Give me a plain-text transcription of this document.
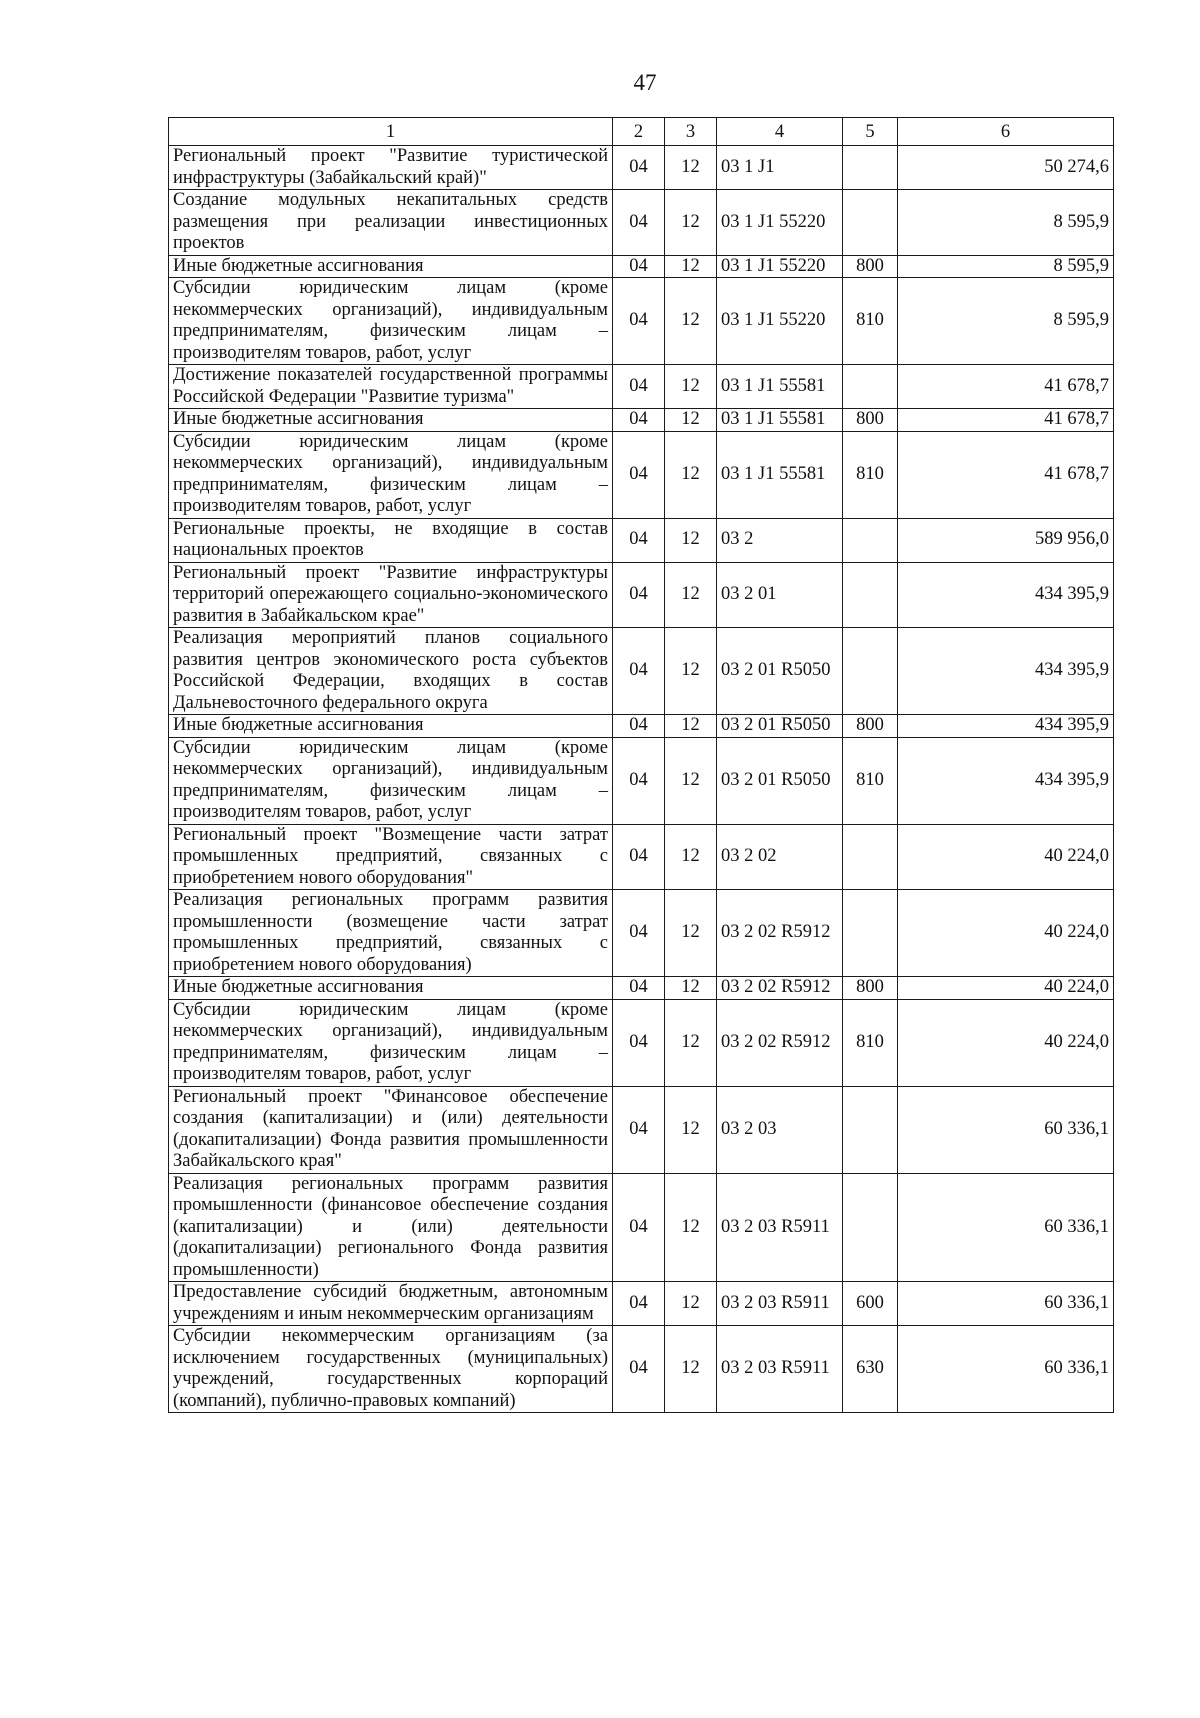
47
1	2	3	4	5	6
Региональный проект "Развитие туристической инфраструктуры (Забайкальский край)"	04	12	03 1 J1		50 274,6
Создание модульных некапитальных средств размещения при реализации инвестиционных проектов	04	12	03 1 J1 55220		8 595,9
Иные бюджетные ассигнования	04	12	03 1 J1 55220	800	8 595,9
Субсидии юридическим лицам (кроме некоммерческих организаций), индивидуальным предпринимателям, физическим лицам – производителям товаров, работ, услуг	04	12	03 1 J1 55220	810	8 595,9
Достижение показателей государственной программы Российской Федерации "Развитие туризма"	04	12	03 1 J1 55581		41 678,7
Иные бюджетные ассигнования	04	12	03 1 J1 55581	800	41 678,7
Субсидии юридическим лицам (кроме некоммерческих организаций), индивидуальным предпринимателям, физическим лицам – производителям товаров, работ, услуг	04	12	03 1 J1 55581	810	41 678,7
Региональные проекты, не входящие в состав национальных проектов	04	12	03 2		589 956,0
Региональный проект "Развитие инфраструктуры территорий опережающего социально-экономического развития в Забайкальском крае"	04	12	03 2 01		434 395,9
Реализация мероприятий планов социального развития центров экономического роста субъектов Российской Федерации, входящих в состав Дальневосточного федерального округа	04	12	03 2 01 R5050		434 395,9
Иные бюджетные ассигнования	04	12	03 2 01 R5050	800	434 395,9
Субсидии юридическим лицам (кроме некоммерческих организаций), индивидуальным предпринимателям, физическим лицам – производителям товаров, работ, услуг	04	12	03 2 01 R5050	810	434 395,9
Региональный проект "Возмещение части затрат промышленных предприятий, связанных с приобретением нового оборудования"	04	12	03 2 02		40 224,0
Реализация региональных программ развития промышленности (возмещение части затрат промышленных предприятий, связанных с приобретением нового оборудования)	04	12	03 2 02 R5912		40 224,0
Иные бюджетные ассигнования	04	12	03 2 02 R5912	800	40 224,0
Субсидии юридическим лицам (кроме некоммерческих организаций), индивидуальным предпринимателям, физическим лицам – производителям товаров, работ, услуг	04	12	03 2 02 R5912	810	40 224,0
Региональный проект "Финансовое обеспечение создания (капитализации) и (или) деятельности (докапитализации) Фонда развития промышленности Забайкальского края"	04	12	03 2 03		60 336,1
Реализация региональных программ развития промышленности (финансовое обеспечение создания (капитализации) и (или) деятельности (докапитализации) регионального Фонда развития промышленности)	04	12	03 2 03 R5911		60 336,1
Предоставление субсидий бюджетным, автономным учреждениям и иным некоммерческим организациям	04	12	03 2 03 R5911	600	60 336,1
Субсидии некоммерческим организациям (за исключением государственных (муниципальных) учреждений, государственных корпораций (компаний), публично-правовых компаний)	04	12	03 2 03 R5911	630	60 336,1
